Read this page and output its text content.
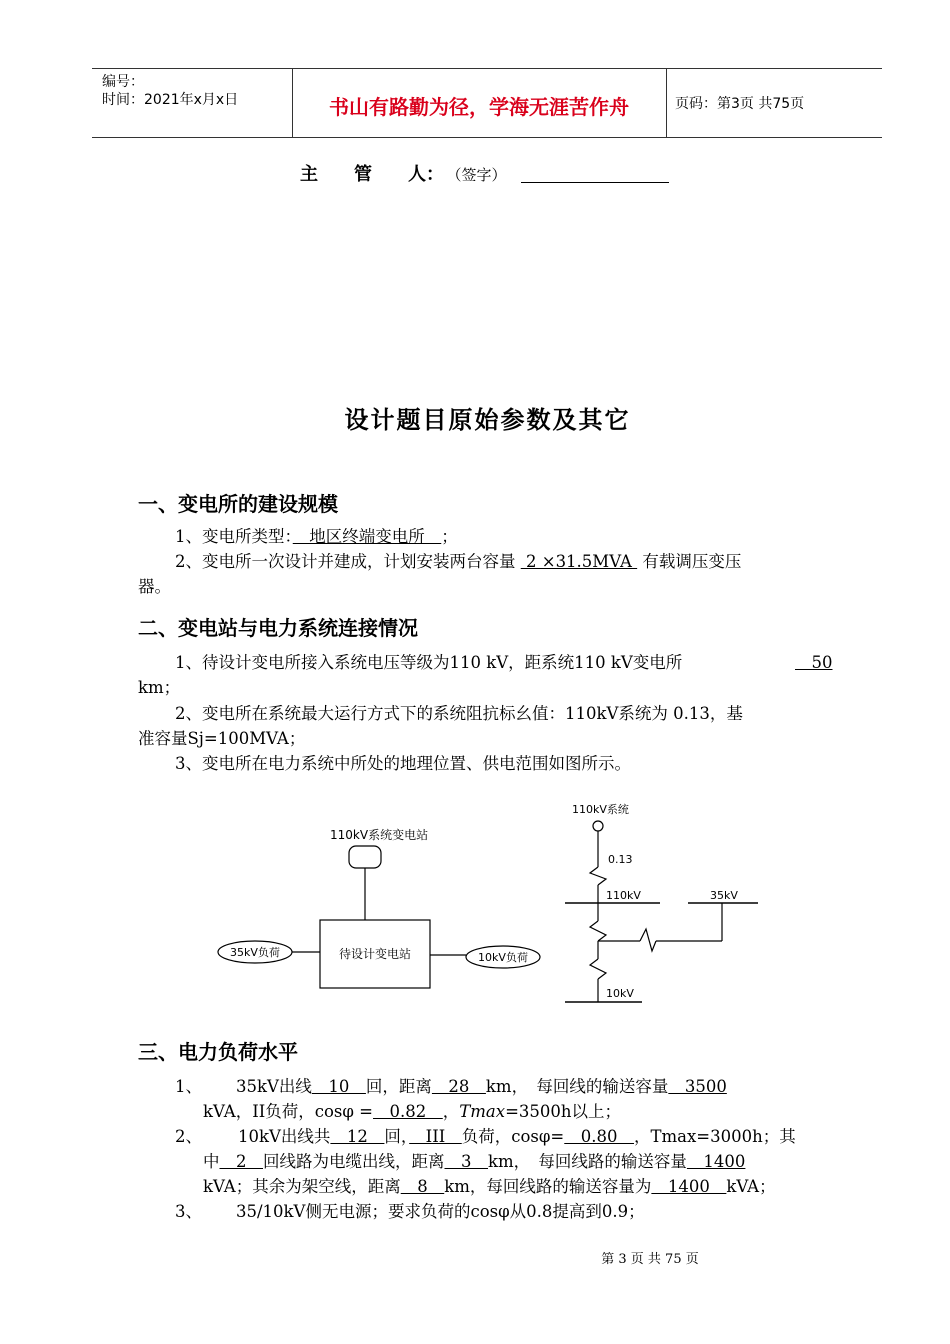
编号：
时间：2021年x月x日	书山有路勤为径，学海无涯苦作舟	页码：第3页 共75页
主　　管　　人： （签字）
设计题目原始参数及其它
一、变电所的建设规模
1、变电所类型：　地区终端变电所　；
2、变电所一次设计并建成，计划安装两台容量  2 ×31.5MVA  有载调压变压
器。
二、变电站与电力系统连接情况
1、待设计变电所接入系统电压等级为110 kV，距系统110 kV变电所	　50
km；
2、变电所在系统最大运行方式下的系统阻抗标幺值：110kV系统为 0.13，基
准容量Sj=100MVA；
3、变电所在电力系统中所处的地理位置、供电范围如图所示。
110kV系统变电站
待设计变电站
35kV负荷	10kV负荷
110kV系统
0.13
110kV	35kV
10kV
三、电力负荷水平
1、 35kV出线　10　回，距离　28　km，　每回线的输送容量　3500
kVA，II负荷，cosφ =　0.82　，Tmax=3500h以上；
2、 10kV出线共　12　回，　III　负荷，cosφ=　0.80　，Tmax=3000h；其
中　2　回线路为电缆出线，距离　3　km，　每回线路的输送容量　1400
kVA；其余为架空线，距离　8　km，每回线路的输送容量为　1400　kVA；
3、 35/10kV侧无电源；要求负荷的cosφ从0.8提高到0.9；
第 3 页 共 75 页
